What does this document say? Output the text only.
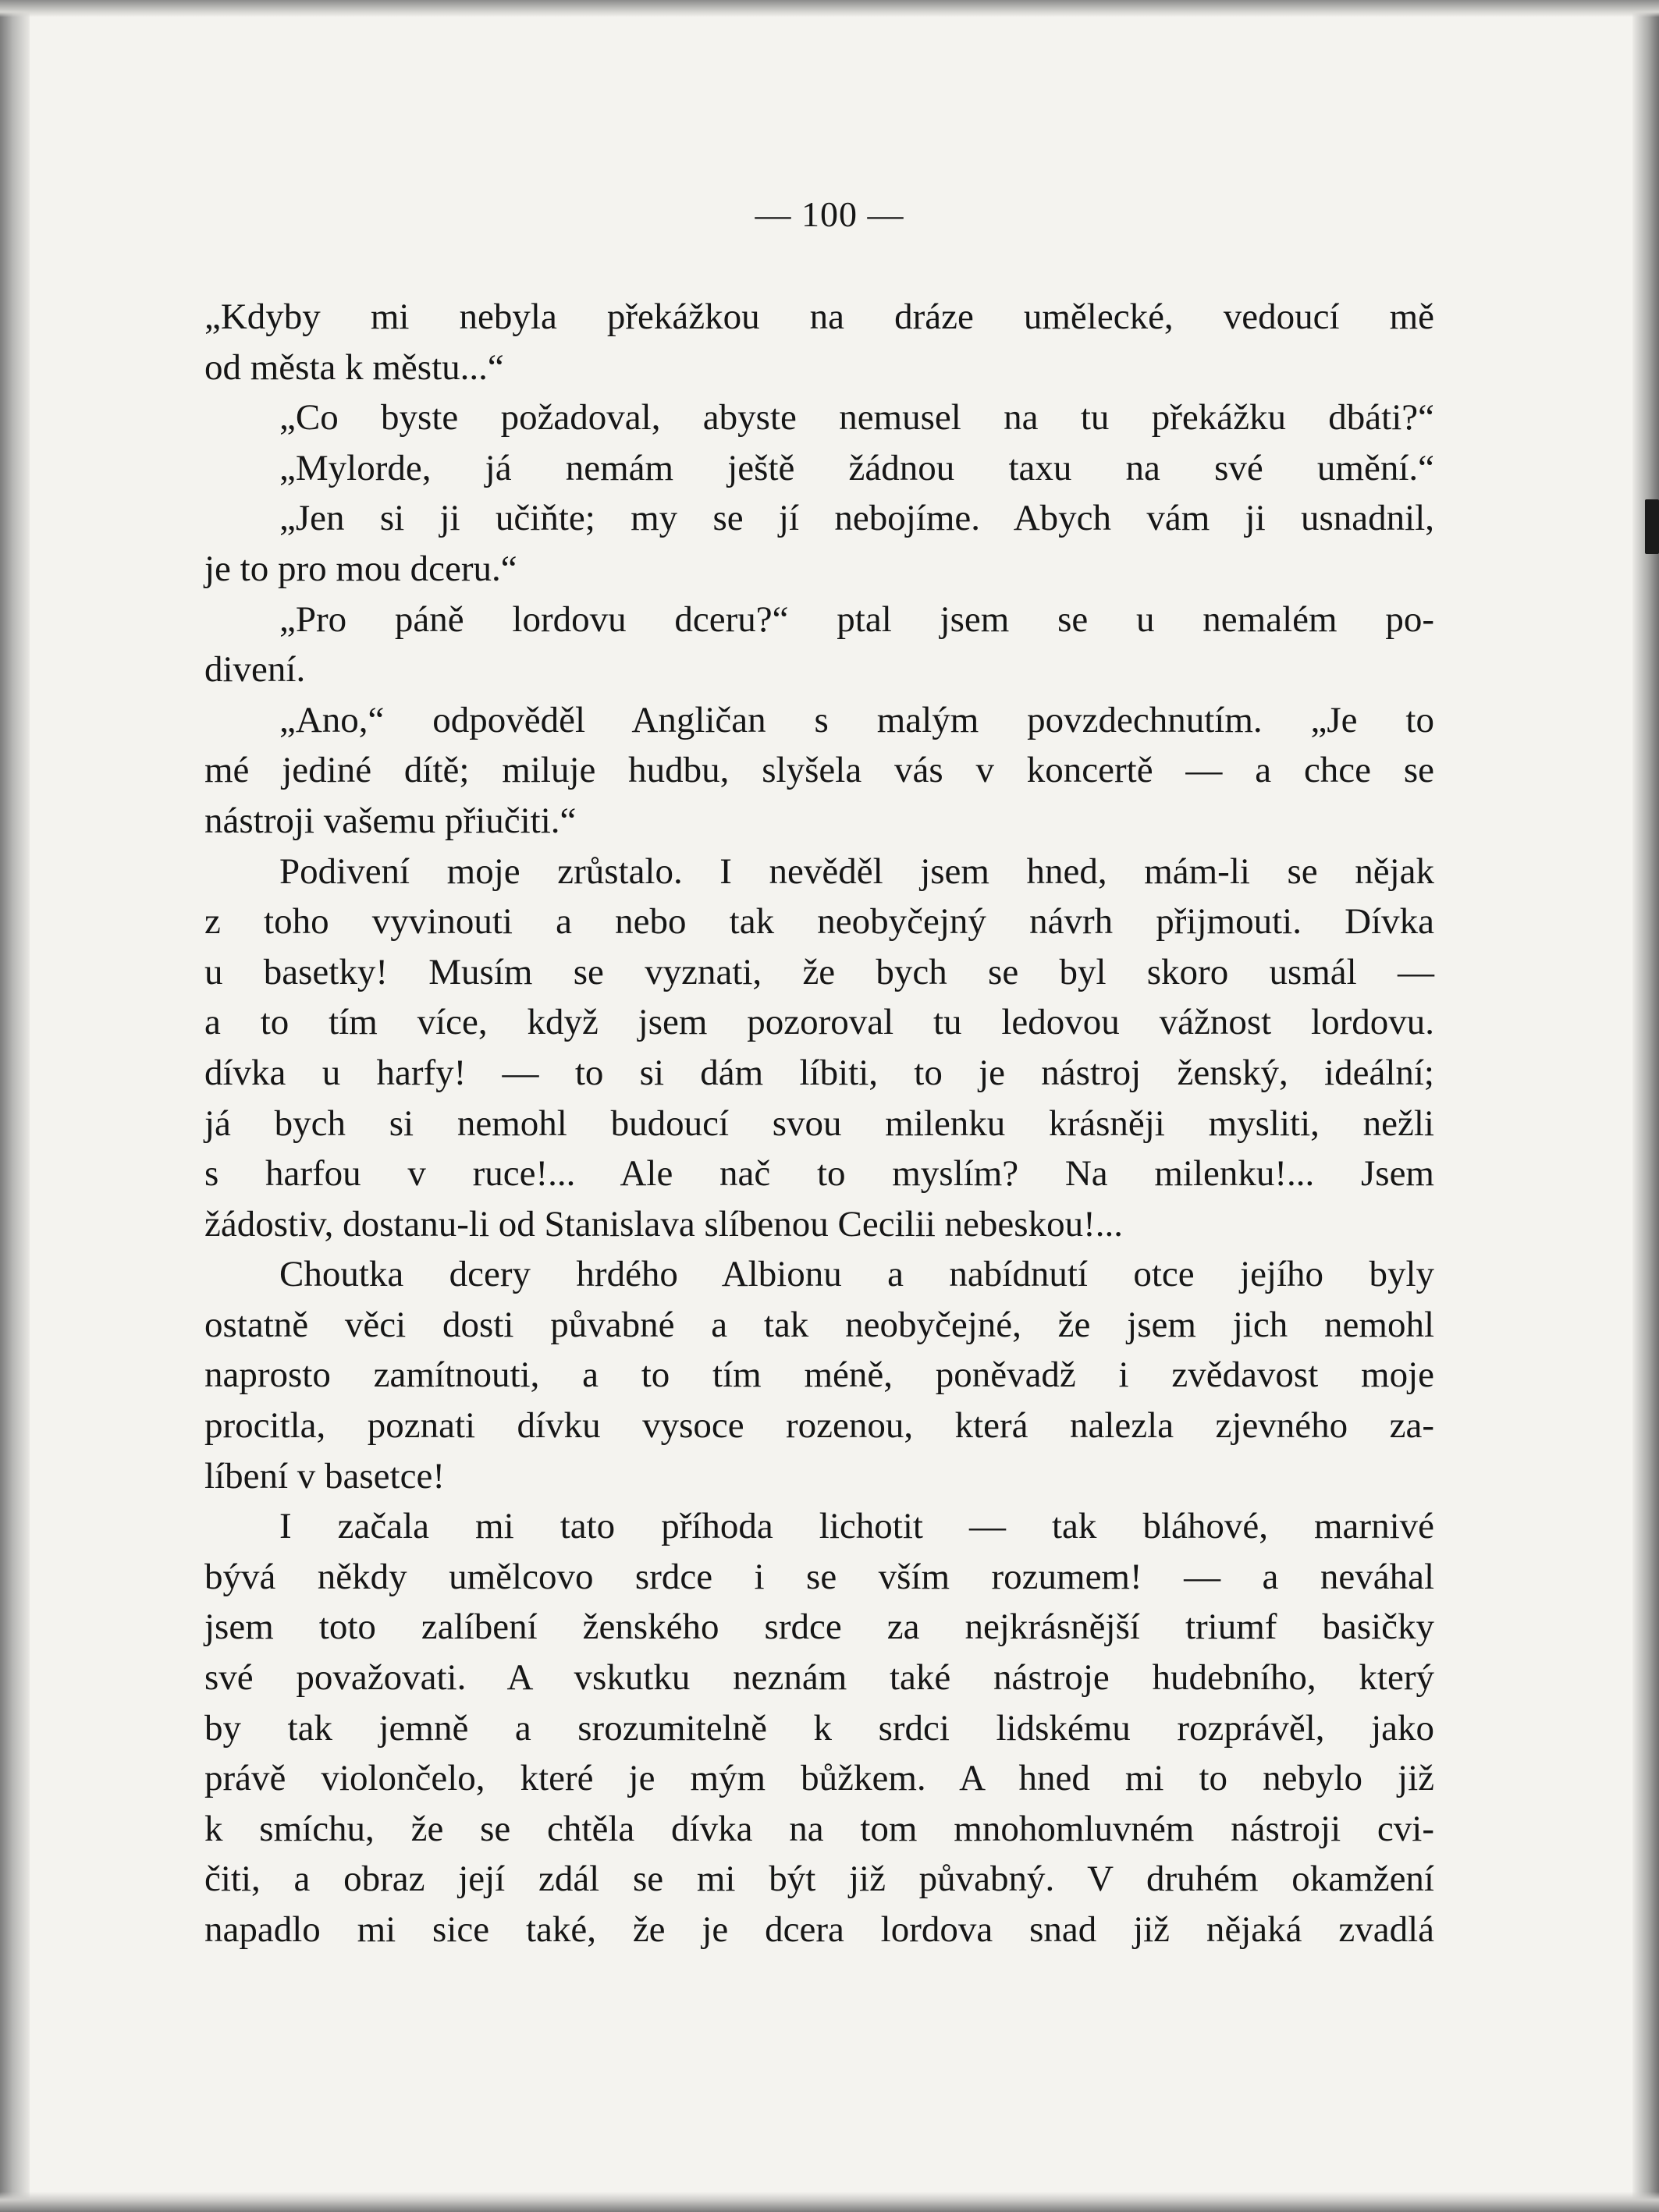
— 100 —
„Kdyby mi nebyla překážkou na dráze umělecké, vedoucí mě
od města k městu...“
„Co byste požadoval, abyste nemusel na tu překážku dbáti?“
„Mylorde, já nemám ještě žádnou taxu na své umění.“
„Jen si ji učiňte; my se jí nebojíme. Abych vám ji usnadnil,
je to pro mou dceru.“
„Pro páně lordovu dceru?“ ptal jsem se u nemalém po-
divení.
„Ano,“ odpověděl Angličan s malým povzdechnutím. „Je to
mé jediné dítě; miluje hudbu, slyšela vás v koncertě — a chce se
nástroji vašemu přiučiti.“
Podivení moje zrůstalo. I nevěděl jsem hned, mám-li se nějak
z toho vyvinouti a nebo tak neobyčejný návrh přijmouti. Dívka
u basetky! Musím se vyznati, že bych se byl skoro usmál —
a to tím více, když jsem pozoroval tu ledovou vážnost lordovu.
dívka u harfy! — to si dám líbiti, to je nástroj ženský, ideální;
já bych si nemohl budoucí svou milenku krásněji mysliti, nežli
s harfou v ruce!... Ale nač to myslím? Na milenku!... Jsem
žádostiv, dostanu-li od Stanislava slíbenou Cecilii nebeskou!...
Choutka dcery hrdého Albionu a nabídnutí otce jejího byly
ostatně věci dosti půvabné a tak neobyčejné, že jsem jich nemohl
naprosto zamítnouti, a to tím méně, poněvadž i zvědavost moje
procitla, poznati dívku vysoce rozenou, která nalezla zjevného za-
líbení v basetce!
I začala mi tato příhoda lichotit — tak bláhové, marnivé
bývá někdy umělcovo srdce i se vším rozumem! — a neváhal
jsem toto zalíbení ženského srdce za nejkrásnější triumf basičky
své považovati. A vskutku neznám také nástroje hudebního, který
by tak jemně a srozumitelně k srdci lidskému rozprávěl, jako
právě violončelo, které je mým bůžkem. A hned mi to nebylo již
k smíchu, že se chtěla dívka na tom mnohomluvném nástroji cvi-
čiti, a obraz její zdál se mi být již půvabný. V druhém okamžení
napadlo mi sice také, že je dcera lordova snad již nějaká zvadlá
